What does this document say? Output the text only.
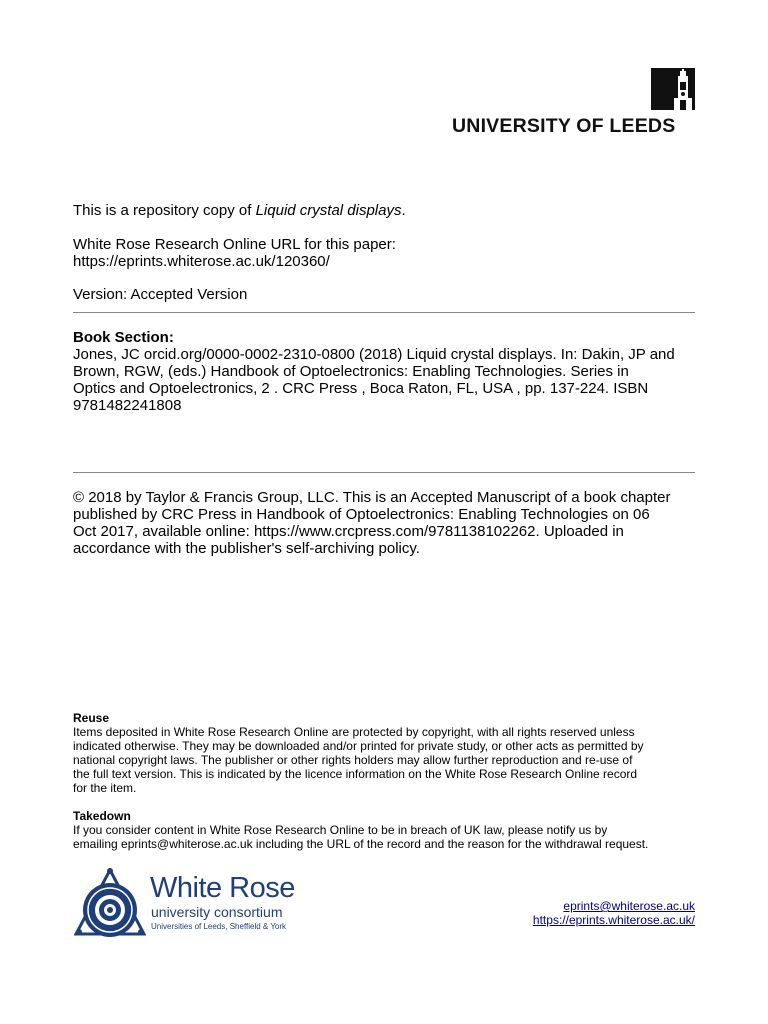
UNIVERSITY OF LEEDS
This is a repository copy of Liquid crystal displays.

White Rose Research Online URL for this paper:

https://eprints.whiterose.ac.uk/120360/

Version: Accepted Version

Book Section:

Jones, JC orcid.org/0000-0002-2310-0800 (2018) Liquid crystal displays. In: Dakin, JP and

Brown, RGW, (eds.) Handbook of Optoelectronics: Enabling Technologies. Series in

Optics and Optoelectronics, 2 . CRC Press , Boca Raton, FL, USA , pp. 137-224. ISBN

9781482241808

© 2018 by Taylor & Francis Group, LLC. This is an Accepted Manuscript of a book chapter

published by CRC Press in Handbook of Optoelectronics: Enabling Technologies on 06

Oct 2017, available online: https://www.crcpress.com/9781138102262. Uploaded in

accordance with the publisher's self-archiving policy.

Reuse

Items deposited in White Rose Research Online are protected by copyright, with all rights reserved unless

indicated otherwise. They may be downloaded and/or printed for private study, or other acts as permitted by

national copyright laws. The publisher or other rights holders may allow further reproduction and re-use of

the full text version. This is indicated by the licence information on the White Rose Research Online record

for the item.

Takedown

If you consider content in White Rose Research Online to be in breach of UK law, please notify us by

emailing eprints@whiterose.ac.uk including the URL of the record and the reason for the withdrawal request.

White Rose
university consortium
Universities of Leeds, Sheffield & York
eprints@whiterose.ac.uk
https://eprints.whiterose.ac.uk/
